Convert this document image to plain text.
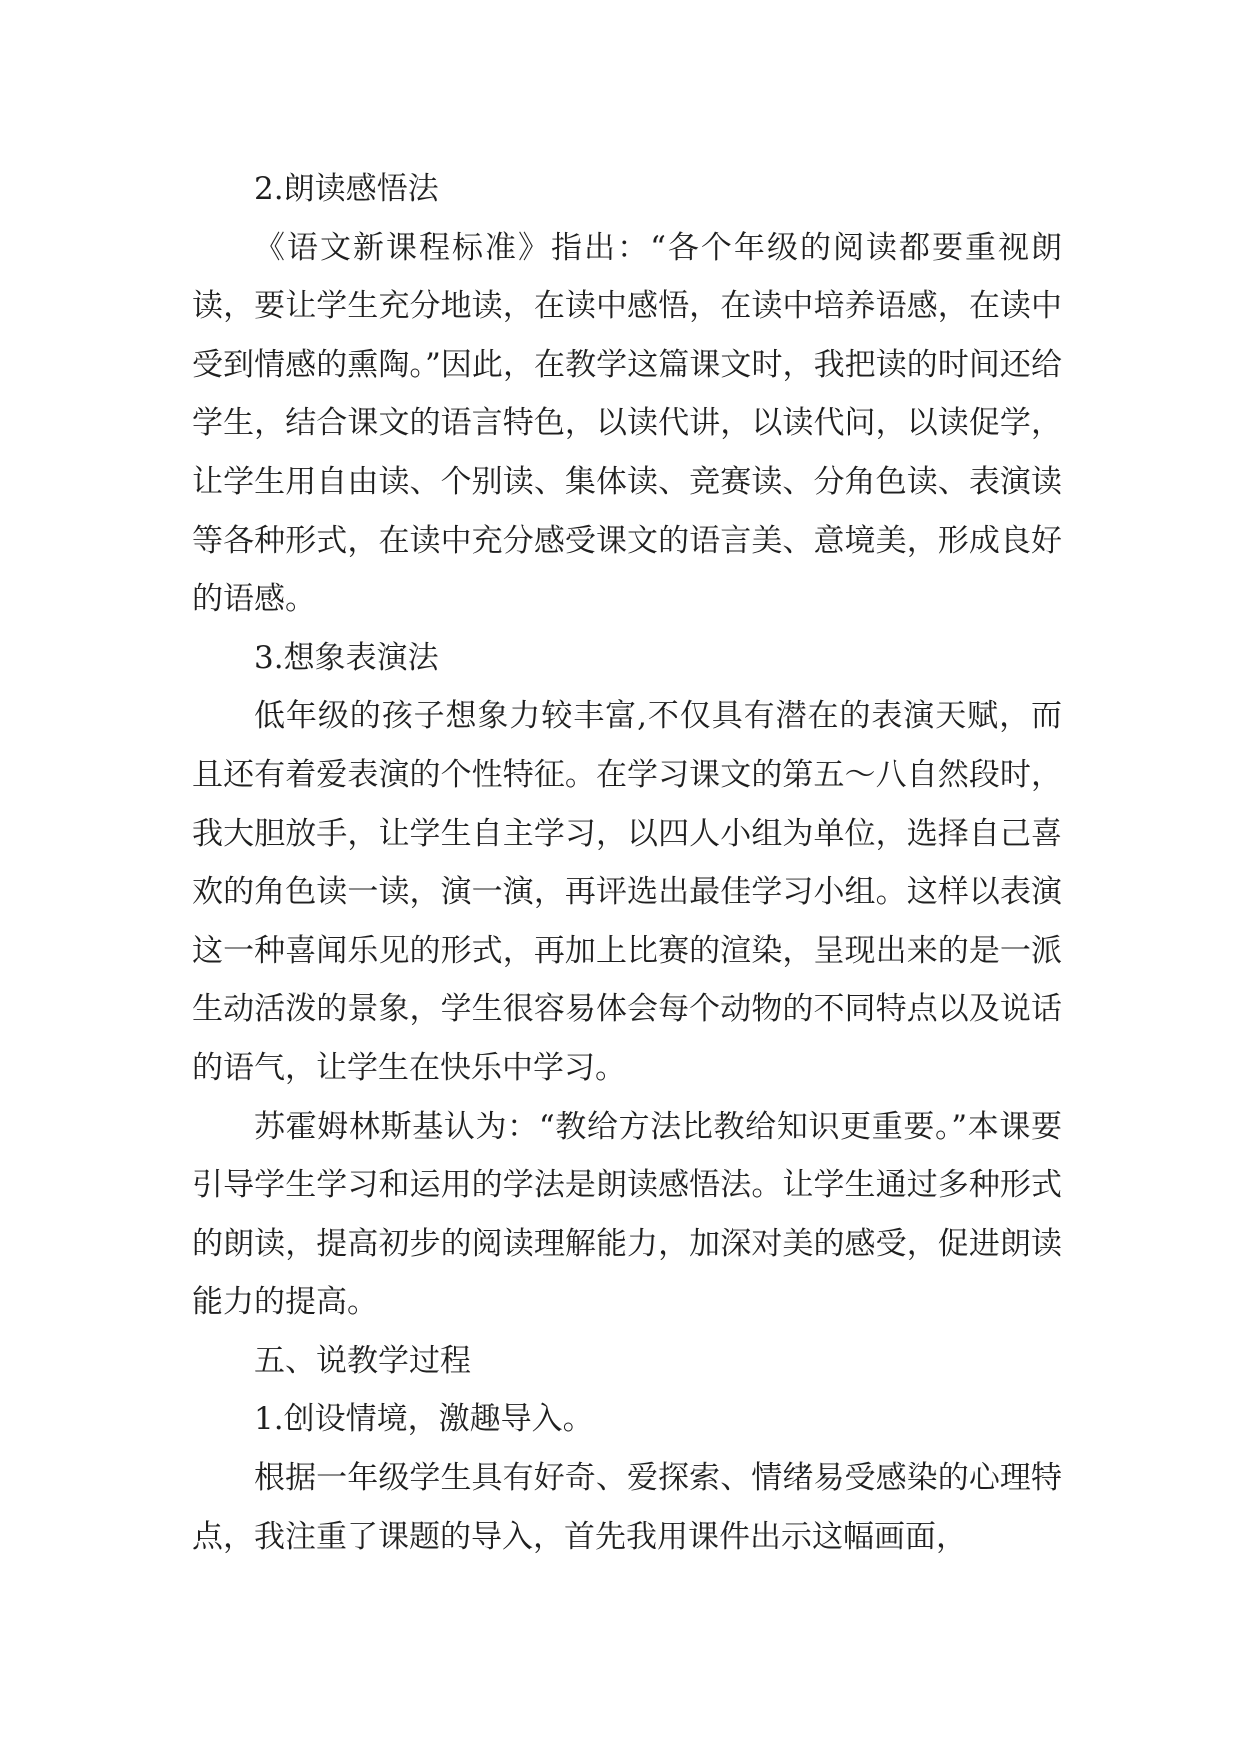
2.朗读感悟法

《语文新课程标准》指出：“各个年级的阅读都要重视朗读，要让学生充分地读，在读中感悟，在读中培养语感，在读中受到情感的熏陶。”因此，在教学这篇课文时，我把读的时间还给学生，结合课文的语言特色，以读代讲，以读代问，以读促学，让学生用自由读、个别读、集体读、竞赛读、分角色读、表演读等各种形式，在读中充分感受课文的语言美、意境美，形成良好的语感。

3.想象表演法

低年级的孩子想象力较丰富,不仅具有潜在的表演天赋，而且还有着爱表演的个性特征。在学习课文的第五～八自然段时，我大胆放手，让学生自主学习，以四人小组为单位，选择自己喜欢的角色读一读，演一演，再评选出最佳学习小组。这样以表演这一种喜闻乐见的形式，再加上比赛的渲染，呈现出来的是一派生动活泼的景象，学生很容易体会每个动物的不同特点以及说话的语气，让学生在快乐中学习。

苏霍姆林斯基认为：“教给方法比教给知识更重要。”本课要引导学生学习和运用的学法是朗读感悟法。让学生通过多种形式的朗读，提高初步的阅读理解能力，加深对美的感受，促进朗读能力的提高。

五、说教学过程
1.创设情境，激趣导入。

根据一年级学生具有好奇、爱探索、情绪易受感染的心理特点，我注重了课题的导入，首先我用课件出示这幅画面，
